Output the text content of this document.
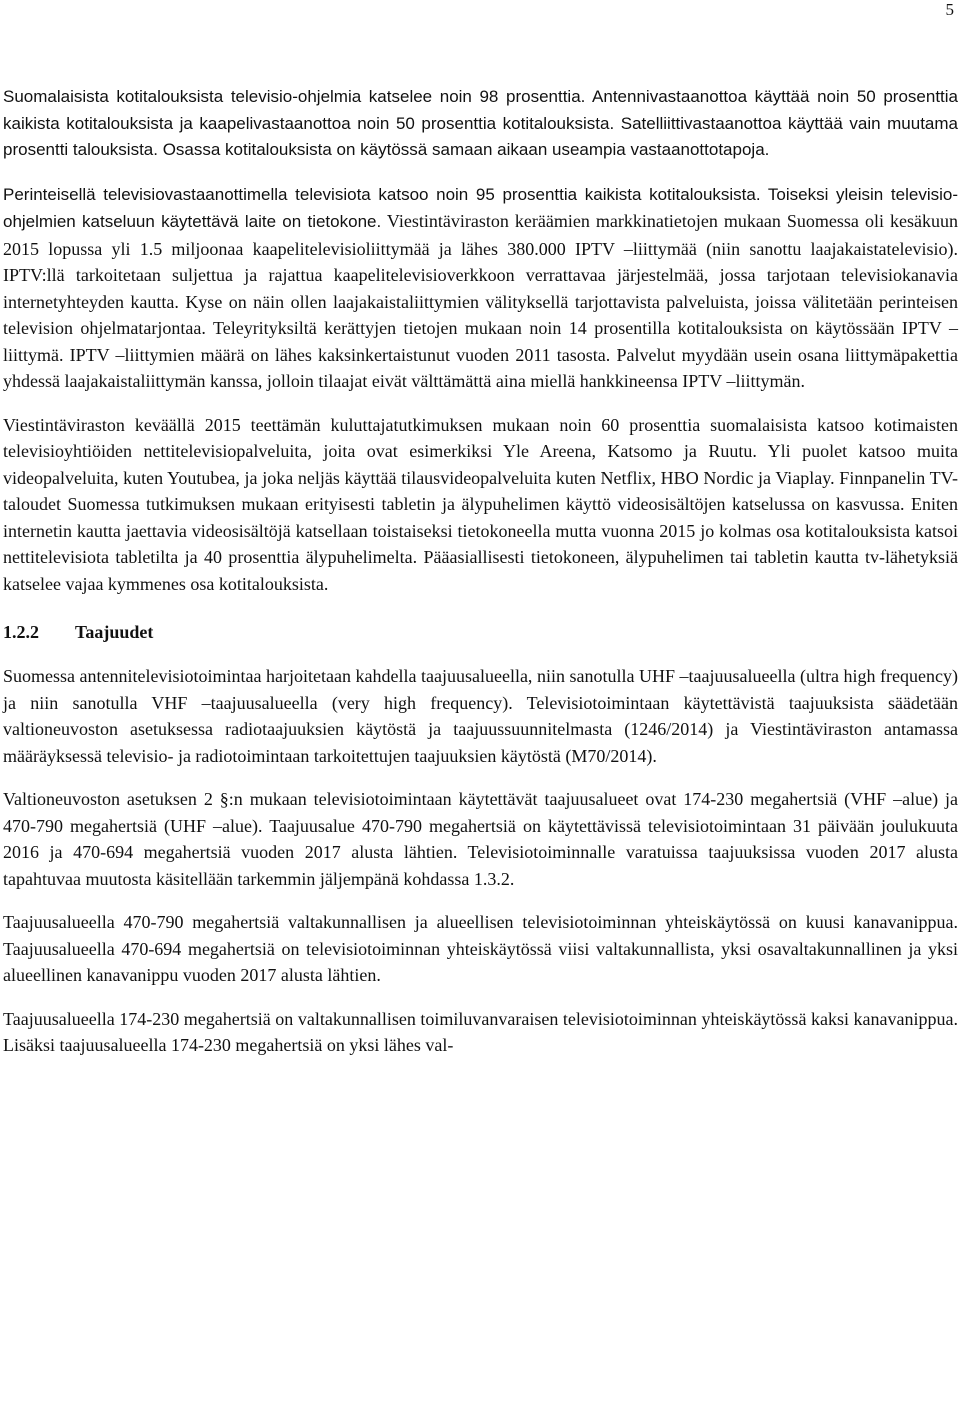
5

Suomalaisista kotitalouksista televisio-ohjelmia katselee noin 98 prosenttia. Antennivastaanottoa käyttää noin 50 prosenttia kaikista kotitalouksista ja kaapelivastaanottoa noin 50 prosenttia kotitalouksista. Satelliittivastaanottoa käyttää vain muutama prosentti talouksista. Osassa kotitalouksista on käytössä samaan aikaan useampia vastaanottotapoja.

Perinteisellä televisiovastaanottimella televisiota katsoo noin 95 prosenttia kaikista kotitalouksista. Toiseksi yleisin televisio-ohjelmien katseluun käytettävä laite on tietokone. Viestintäviraston keräämien markkinatietojen mukaan Suomessa oli kesäkuun 2015 lopussa yli 1.5 miljoonaa kaapelitelevisioliittymää ja lähes 380.000 IPTV –liittymää (niin sanottu laajakaistatelevisio). IPTV:llä tarkoitetaan suljettua ja rajattua kaapelitelevisioverkkoon verrattavaa järjestelmää, jossa tarjotaan televisiokanavia internetyhteyden kautta. Kyse on näin ollen laajakaistaliittymien välityksellä tarjottavista palveluista, joissa välitetään perinteisen television ohjelmatarjontaa. Teleyrityksiltä kerättyjen tietojen mukaan noin 14 prosentilla kotitalouksista on käytössään IPTV –liittymä. IPTV –liittymien määrä on lähes kaksinkertaistunut vuoden 2011 tasosta. Palvelut myydään usein osana liittymäpakettia yhdessä laajakaistaliittymän kanssa, jolloin tilaajat eivät välttämättä aina miellä hankkineensa IPTV –liittymän.

Viestintäviraston keväällä 2015 teettämän kuluttajatutkimuksen mukaan noin 60 prosenttia suomalaisista katsoo kotimaisten televisioyhtiöiden nettitelevisiopalveluita, joita ovat esimerkiksi Yle Areena, Katsomo ja Ruutu. Yli puolet katsoo muita videopalveluita, kuten Youtubea, ja joka neljäs käyttää tilausvideopalveluita kuten Netflix, HBO Nordic ja Viaplay. Finnpanelin TV-taloudet Suomessa tutkimuksen mukaan erityisesti tabletin ja älypuhelimen käyttö videosisältöjen katselussa on kasvussa. Eniten internetin kautta jaettavia videosisältöjä katsellaan toistaiseksi tietokoneella mutta vuonna 2015 jo kolmas osa kotitalouksista katsoi nettitelevisiota tabletilta ja 40 prosenttia älypuhelimelta. Pääasiallisesti tietokoneen, älypuhelimen tai tabletin kautta tv-lähetyksiä katselee vajaa kymmenes osa kotitalouksista.

1.2.2 Taajuudet

Suomessa antennitelevisiotoimintaa harjoitetaan kahdella taajuusalueella, niin sanotulla UHF –taajuusalueella (ultra high frequency) ja niin sanotulla VHF –taajuusalueella (very high frequency). Televisiotoimintaan käytettävistä taajuuksista säädetään valtioneuvoston asetuksessa radiotaajuuksien käytöstä ja taajuussuunnitelmasta (1246/2014) ja Viestintäviraston antamassa määräyksessä televisio- ja radiotoimintaan tarkoitettujen taajuuksien käytöstä (M70/2014).

Valtioneuvoston asetuksen 2 §:n mukaan televisiotoimintaan käytettävät taajuusalueet ovat 174-230 megahertsiä (VHF –alue) ja 470-790 megahertsiä (UHF –alue). Taajuusalue 470-790 megahertsiä on käytettävissä televisiotoimintaan 31 päivään joulukuuta 2016 ja 470-694 megahertsiä vuoden 2017 alusta lähtien. Televisiotoiminnalle varatuissa taajuuksissa vuoden 2017 alusta tapahtuvaa muutosta käsitellään tarkemmin jäljempänä kohdassa 1.3.2.

Taajuusalueella 470-790 megahertsiä valtakunnallisen ja alueellisen televisiotoiminnan yhteiskäytössä on kuusi kanavanippua. Taajuusalueella 470-694 megahertsiä on televisiotoiminnan yhteiskäytössä viisi valtakunnallista, yksi osavaltakunnallinen ja yksi alueellinen kanavanippu vuoden 2017 alusta lähtien.

Taajuusalueella 174-230 megahertsiä on valtakunnallisen toimiluvanvaraisen televisiotoiminnan yhteiskäytössä kaksi kanavanippua. Lisäksi taajuusalueella 174-230 megahertsiä on yksi lähes val-
